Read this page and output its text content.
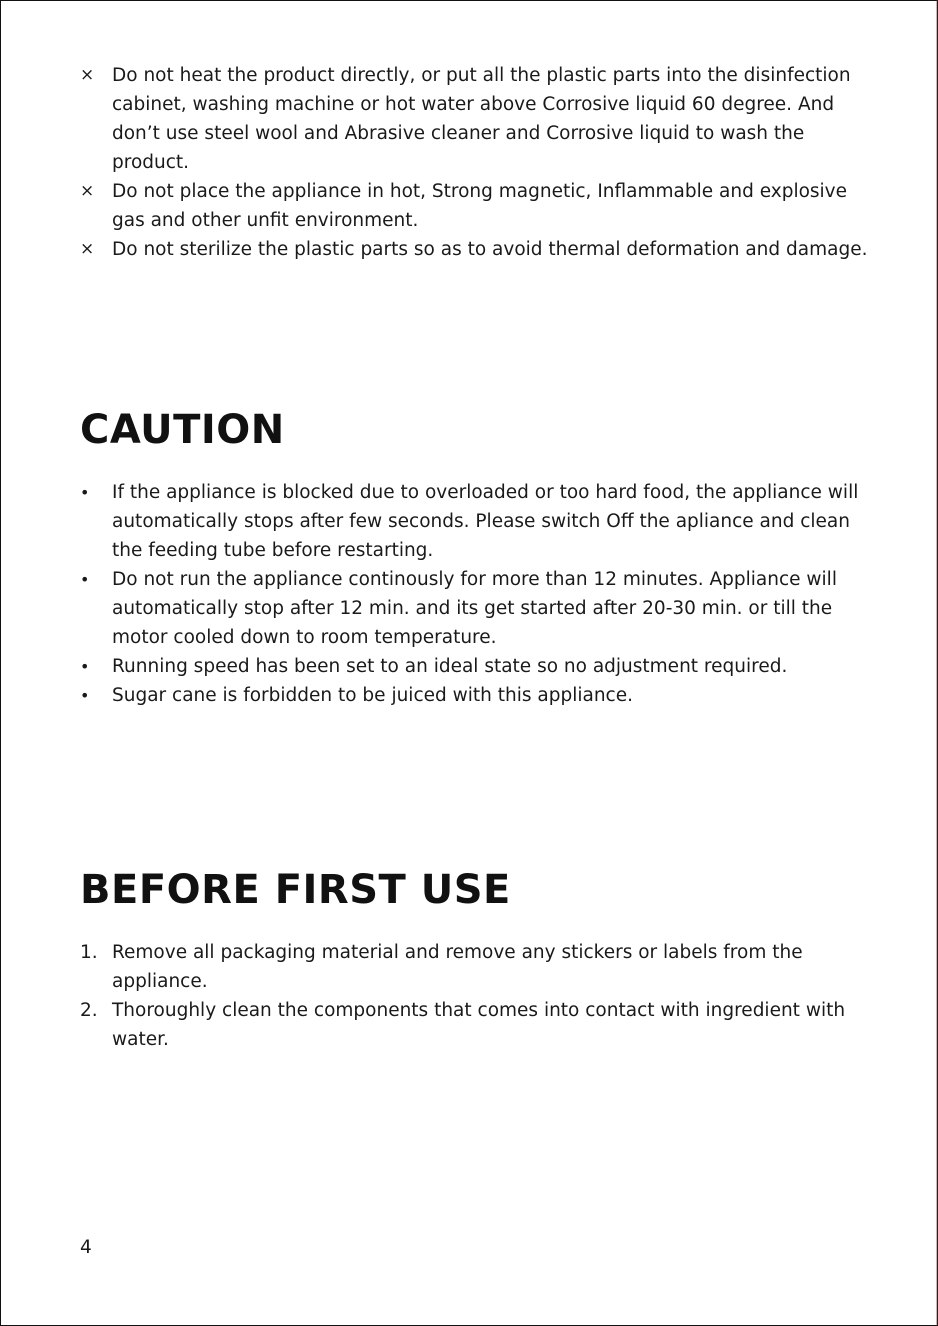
× Do not heat the product directly, or put all the plastic parts into the disinfection cabinet, washing machine or hot water above Corrosive liquid 60 degree. And don’t use steel wool and Abrasive cleaner and Corrosive liquid to wash the product.
× Do not place the appliance in hot, Strong magnetic, Inflammable and explosive gas and other unfit environment.
× Do not sterilize the plastic parts so as to avoid thermal deformation and damage.
CAUTION
•	If the appliance is blocked due to overloaded or too hard food, the appliance will automatically stops after few seconds. Please switch Off the apliance and clean the feeding tube before restarting.
•	Do not run the appliance continously for more than 12 minutes. Appliance will automatically stop after 12 min. and its get started after 20-30 min. or till the motor cooled down to room temperature.
•	Running speed has been set to an ideal state so no adjustment required.
•	Sugar cane is forbidden to be juiced with this appliance.
BEFORE FIRST USE
1. Remove all packaging material and remove any stickers or labels from the appliance.
2. Thoroughly clean the components that comes into contact with ingredient with water.
4
